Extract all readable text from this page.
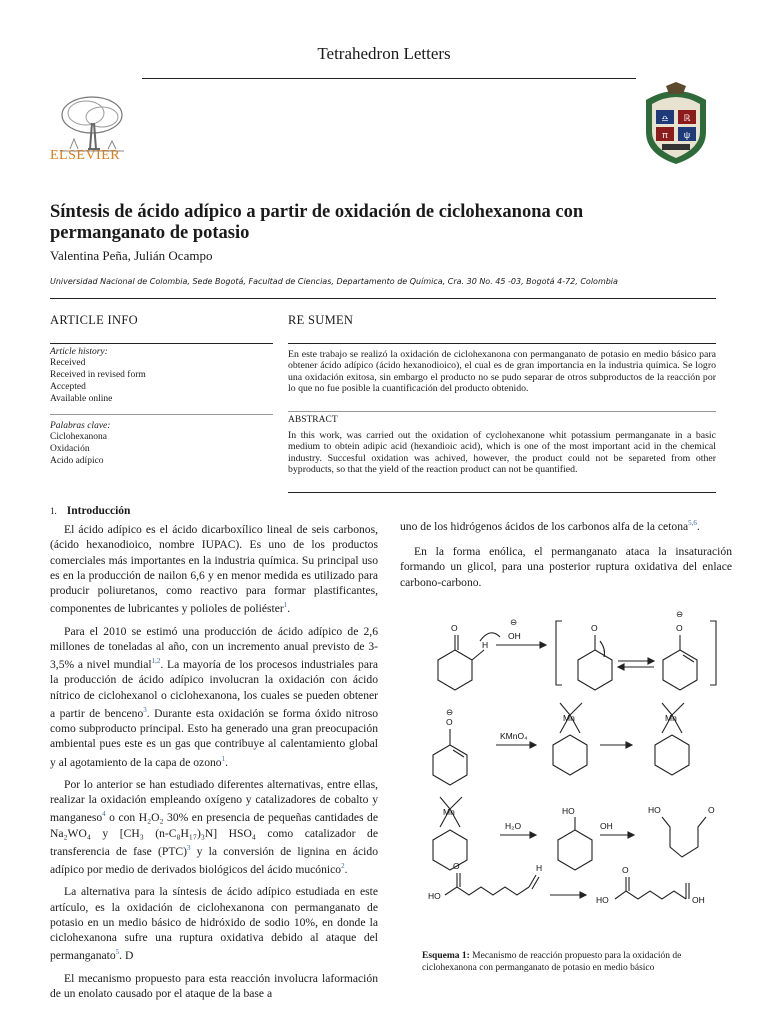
Tetrahedron Letters
ELSEVIER
♎ ℝ
π ψ
Síntesis de ácido adípico a partir de oxidación de ciclohexanona con permanganato de potasio
Valentina Peña, Julián Ocampo
Universidad Nacional de Colombia, Sede Bogotá, Facultad de Ciencias, Departamento de Química, Cra. 30 No. 45 -03, Bogotá 4-72, Colombia
ARTICLE INFO	RE SUMEN
Article history:
Received
Received in revised form
Accepted
Available online
Palabras clave:
Ciclohexanona
Oxidación
Acido adípico
En este trabajo se realizó la oxidación de ciclohexanona con permanganato de potasio en medio básico para obtener ácido adípico (ácido hexanodioico), el cual es de gran importancia en la industria química. Se logro una oxidación exitosa, sin embargo el producto no se pudo separar de otros subproductos de la reacción por lo que no fue posible la cuantificación del producto obtenido.
ABSTRACT
In this work, was carried out the oxidation of cyclohexanone whit potassium permanganate in a basic medium to obtein adipic acid (hexandioic acid), which is one of the most important acid in the chemical industry. Succesful oxidation was achived, however, the product could not be separeted from other byproducts, so that the yield of the reaction product can not be quantified.
1. Introducción

El ácido adípico es el ácido dicarboxílico lineal de seis carbonos, (ácido hexanodioico, nombre IUPAC). Es uno de los productos comerciales más importantes en la industria química. Su principal uso es en la producción de nailon 6,6 y en menor medida es utilizado para producir poliuretanos, como reactivo para formar plastificantes, componentes de lubricantes y polioles de poliéster$^1$.

Para el 2010 se estimó una producción de ácido adípico de 2,6 millones de toneladas al año, con un incremento anual previsto de 3-3,5% a nivel mundial$^{1,2}$. La mayoría de los procesos industriales para la producción de ácido adípico involucran la oxidación con ácido nítrico de ciclohexanol o ciclohexanona, los cuales se pueden obtener a partir de benceno$^3$. Durante esta oxidación se forma óxido nitroso como subproducto principal. Esto ha generado una gran preocupación ambiental pues este es un gas que contribuye al calentamiento global y al agotamiento de la capa de ozono$^1$.

Por lo anterior se han estudiado diferentes alternativas, entre ellas, realizar la oxidación empleando oxígeno y catalizadores de cobalto y manganeso$^4$ o con H₂O₂ 30% en presencia de pequeñas cantidades de Na₂WO₄ y [CH₃ (n-C₈H₁₇)₃N] HSO₄ como catalizador de transferencia de fase (PTC)$^3$ y la conversión de lignina en ácido adípico por medio de derivados biológicos del ácido mucónico$^2$.

La alternativa para la síntesis de ácido adípico estudiada en este artículo, es la oxidación de ciclohexanona con permanganato de potasio en un medio básico de hidróxido de sodio 10%, en donde la ciclohexanona sufre una ruptura oxidativa debido al ataque del permanganato$^5$. D

El mecanismo propuesto para esta reacción involucra laformación de un enolato causado por el ataque de la base a

uno de los hidrógenos ácidos de los carbonos alfa de la cetona$^{5,6}$.

En la forma enólica, el permanganato ataca la insaturación formando un glicol, para una posterior ruptura oxidativa del enlace carbono-carbono.

O
H
⊖
OH
O	O
⊖
O
⊖
KMnO₄
Mn	Mn
Mn
H₂O
HO
OH
HO	O
O
HO
H	O
HO	OH
Esquema 1: Mecanismo de reacción propuesto para la oxidación de ciclohexanona con permanganato de potasio en medio básico
